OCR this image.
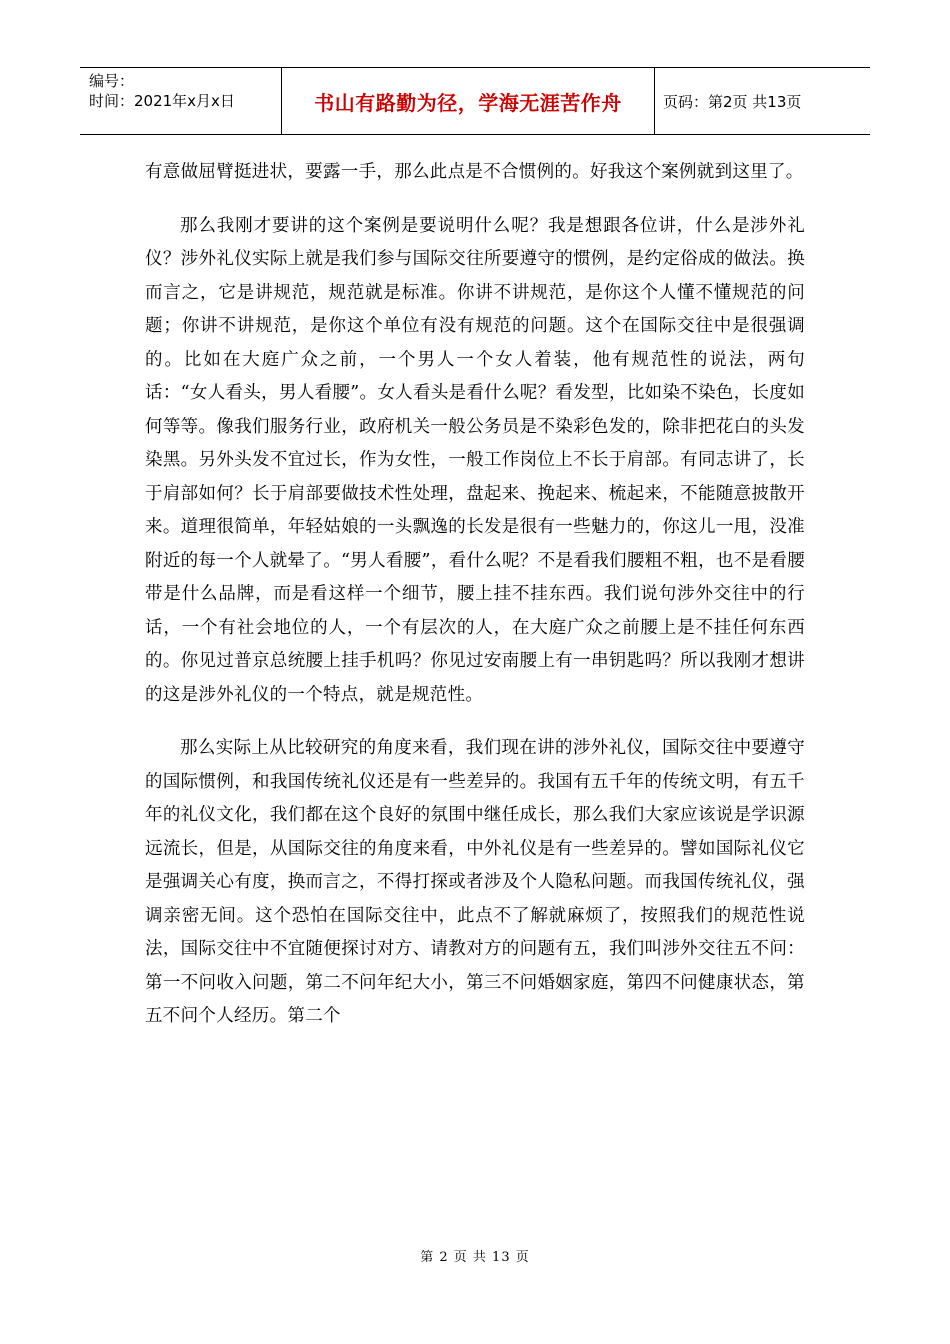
编号：
时间：2021年x月x日	书山有路勤为径，学海无涯苦作舟	页码：第2页 共13页

有意做屈臂挺进状，要露一手，那么此点是不合惯例的。好我这个案例就到这里了。

那么我刚才要讲的这个案例是要说明什么呢？我是想跟各位讲，什么是涉外礼仪？涉外礼仪实际上就是我们参与国际交往所要遵守的惯例，是约定俗成的做法。换而言之，它是讲规范，规范就是标准。你讲不讲规范，是你这个人懂不懂规范的问题；你讲不讲规范，是你这个单位有没有规范的问题。这个在国际交往中是很强调的。比如在大庭广众之前，一个男人一个女人着装，他有规范性的说法，两句话：“女人看头，男人看腰”。女人看头是看什么呢？看发型，比如染不染色，长度如何等等。像我们服务行业，政府机关一般公务员是不染彩色发的，除非把花白的头发染黑。另外头发不宜过长，作为女性，一般工作岗位上不长于肩部。有同志讲了，长于肩部如何？长于肩部要做技术性处理，盘起来、挽起来、梳起来，不能随意披散开来。道理很简单，年轻姑娘的一头飘逸的长发是很有一些魅力的，你这儿一甩，没准附近的每一个人就晕了。“男人看腰”，看什么呢？不是看我们腰粗不粗，也不是看腰带是什么品牌，而是看这样一个细节，腰上挂不挂东西。我们说句涉外交往中的行话，一个有社会地位的人，一个有层次的人，在大庭广众之前腰上是不挂任何东西的。你见过普京总统腰上挂手机吗？你见过安南腰上有一串钥匙吗？所以我刚才想讲的这是涉外礼仪的一个特点，就是规范性。

那么实际上从比较研究的角度来看，我们现在讲的涉外礼仪，国际交往中要遵守的国际惯例，和我国传统礼仪还是有一些差异的。我国有五千年的传统文明，有五千年的礼仪文化，我们都在这个良好的氛围中继任成长，那么我们大家应该说是学识源远流长，但是，从国际交往的角度来看，中外礼仪是有一些差异的。譬如国际礼仪它是强调关心有度，换而言之，不得打探或者涉及个人隐私问题。而我国传统礼仪，强调亲密无间。这个恐怕在国际交往中，此点不了解就麻烦了，按照我们的规范性说法，国际交往中不宜随便探讨对方、请教对方的问题有五，我们叫涉外交往五不问：第一不问收入问题，第二不问年纪大小，第三不问婚姻家庭，第四不问健康状态，第五不问个人经历。第二个

第 2 页 共 13 页
